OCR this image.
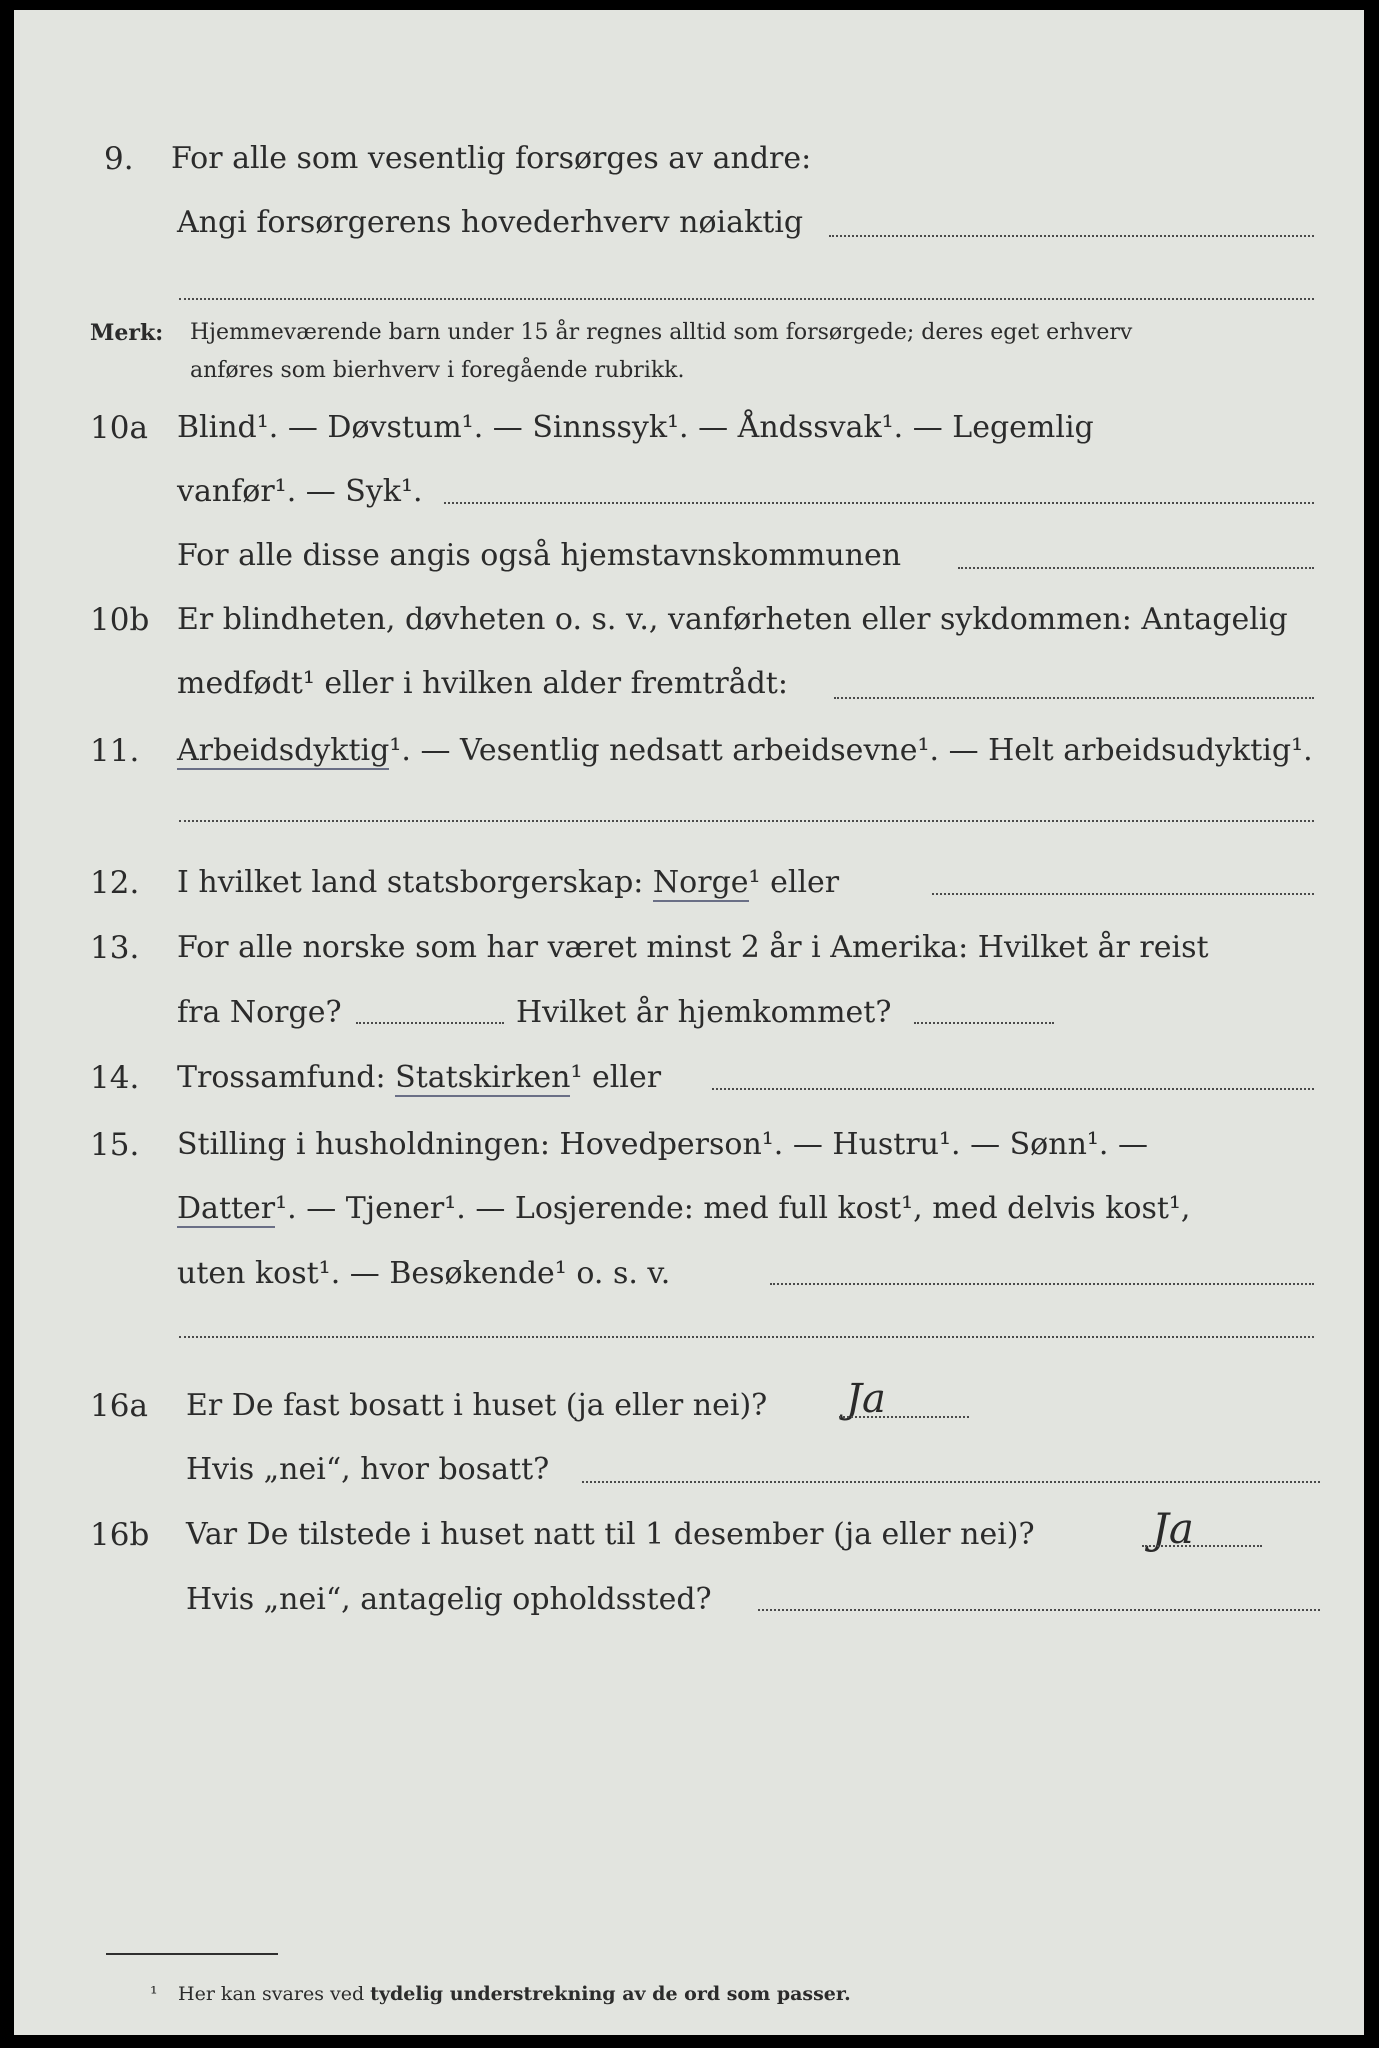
9. For alle som vesentlig forsørges av andre:
Angi forsørgerens hovederhverv nøiaktig
Merk: Hjemmeværende barn under 15 år regnes alltid som forsørgede; deres eget erhverv
anføres som bierhverv i foregående rubrikk.
10a Blind¹. — Døvstum¹. — Sinnssyk¹. — Åndssvak¹. — Legemlig
vanfør¹. — Syk¹.
For alle disse angis også hjemstavnskommunen
10b Er blindheten, døvheten o. s. v., vanførheten eller sykdommen: Antagelig
medfødt¹ eller i hvilken alder fremtrådt:
11. Arbeidsdyktig¹. — Vesentlig nedsatt arbeidsevne¹. — Helt arbeidsudyktig¹.
12. I hvilket land statsborgerskap: Norge¹ eller
13. For alle norske som har været minst 2 år i Amerika: Hvilket år reist
fra Norge?	Hvilket år hjemkommet?
14. Trossamfund: Statskirken¹ eller
15. Stilling i husholdningen: Hovedperson¹. — Hustru¹. — Sønn¹. —
Datter¹. — Tjener¹. — Losjerende: med full kost¹, med delvis kost¹,
uten kost¹. — Besøkende¹ o. s. v.
16a Er De fast bosatt i huset (ja eller nei)? Ja
Hvis „nei“, hvor bosatt?
16b Var De tilstede i huset natt til 1 desember (ja eller nei)?	Ja
Hvis „nei“, antagelig opholdssted?
¹ Her kan svares ved tydelig understrekning av de ord som passer.
